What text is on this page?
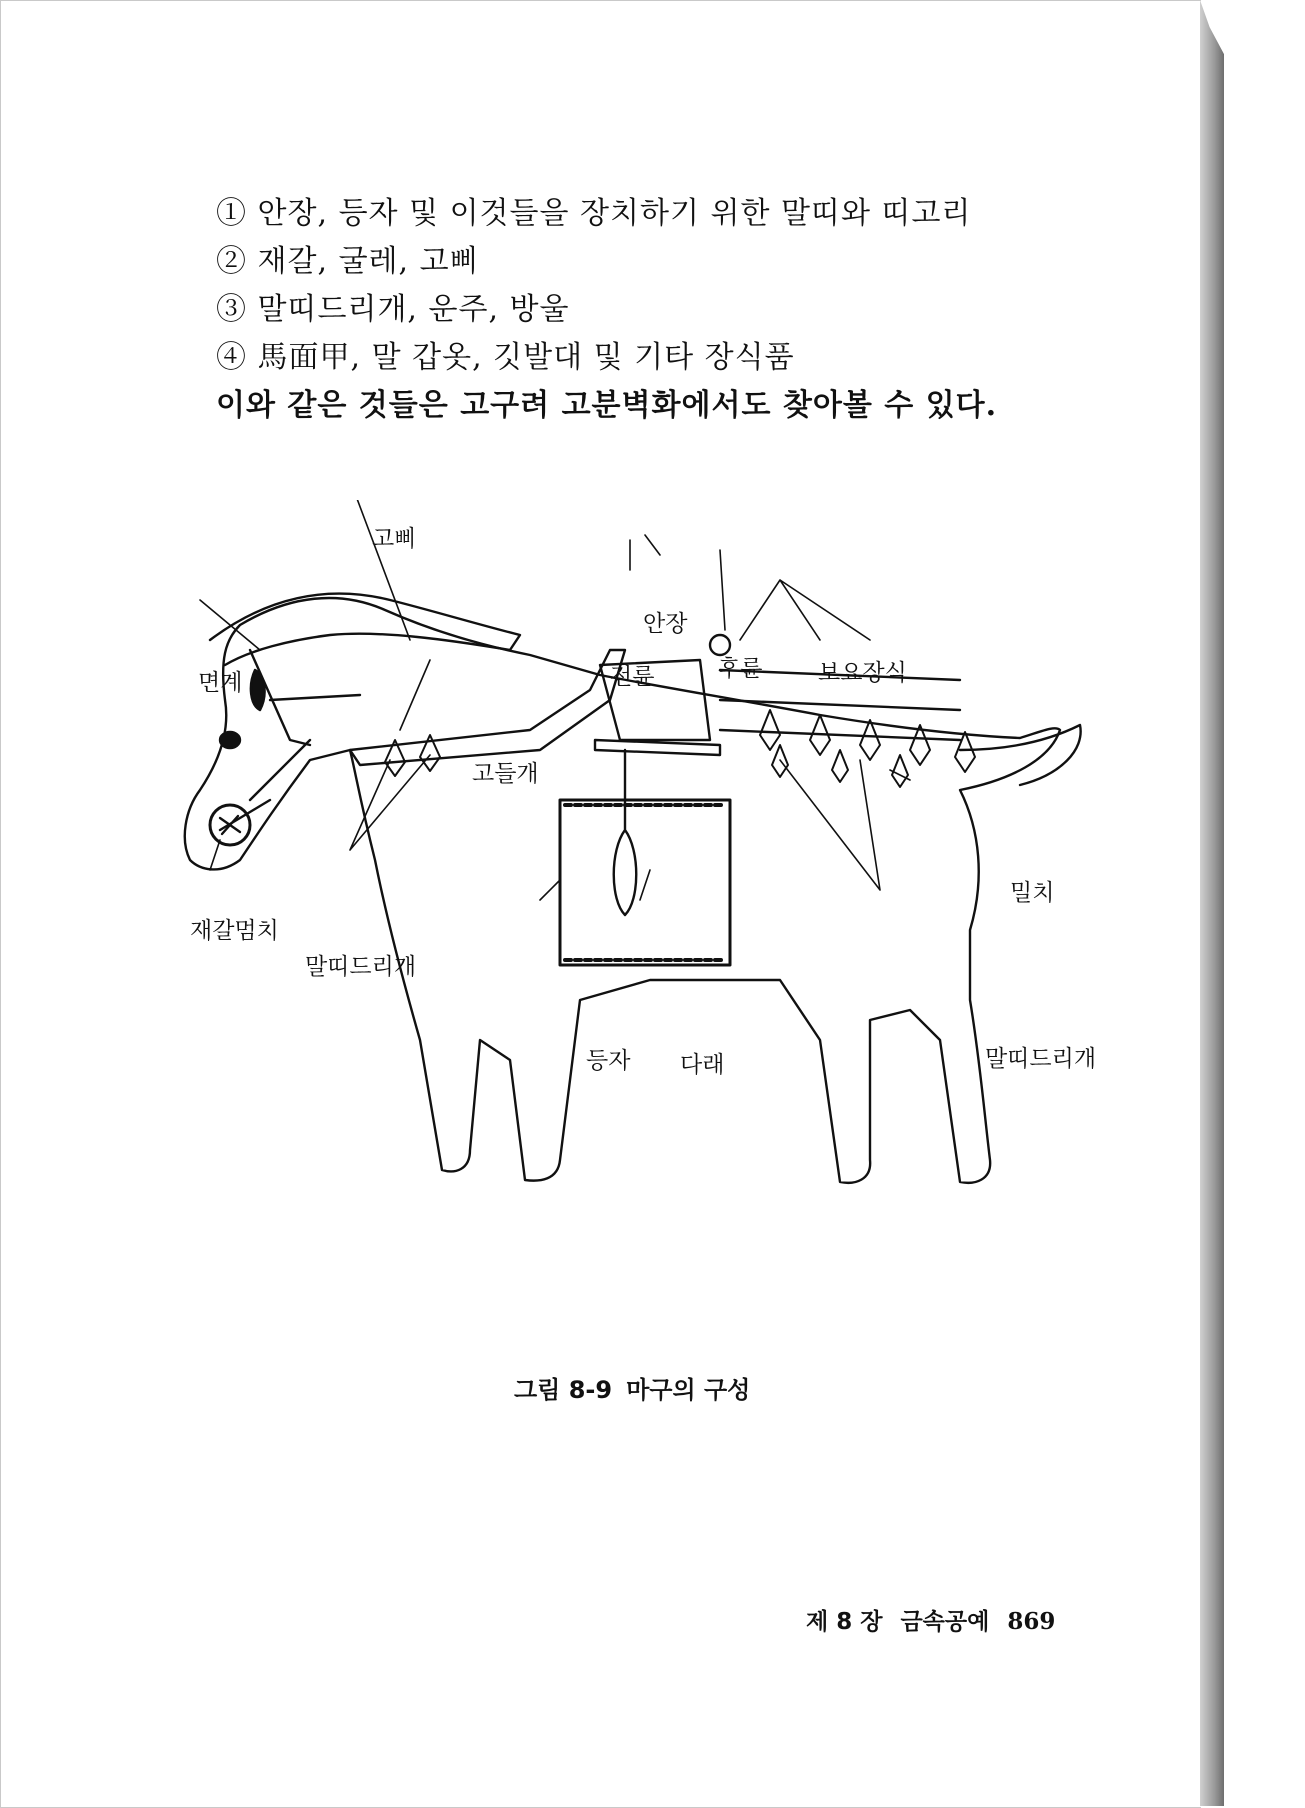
① 안장, 등자 및 이것들을 장치하기 위한 말띠와 띠고리
② 재갈, 굴레, 고삐
③ 말띠드리개, 운주, 방울
④ 馬面甲, 말 갑옷, 깃발대 및 기타 장식품
이와 같은 것들은 고구려 고분벽화에서도 찾아볼 수 있다.
고삐
안장
면계	전륜	후륜 보요장식
고들개
밀치
재갈멈치
말띠드리개
등자 다래	말띠드리개
그림 8-9 마구의 구성
제 8 장 금속공예 869
